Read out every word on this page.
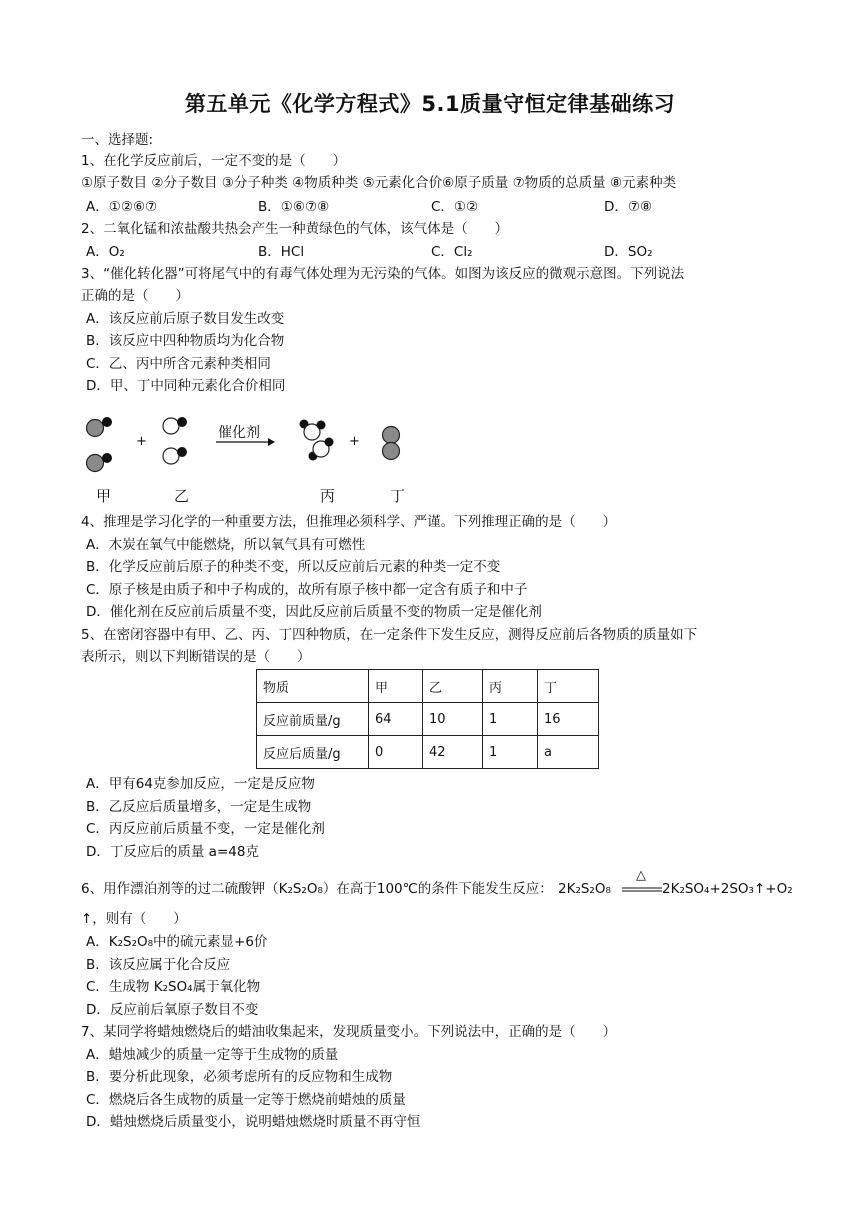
第五单元《化学方程式》5.1质量守恒定律基础练习
一、选择题:
1、在化学反应前后，一定不变的是（　　）
①原子数目 ②分子数目 ③分子种类 ④物质种类 ⑤元素化合价⑥原子质量 ⑦物质的总质量 ⑧元素种类
A．①②⑥⑦	B．①⑥⑦⑧	C．①②	D．⑦⑧
2、二氧化锰和浓盐酸共热会产生一种黄绿色的气体，该气体是（　　）
A．O₂	B．HCl	C．Cl₂	D．SO₂
3、“催化转化器”可将尾气中的有毒气体处理为无污染的气体。如图为该反应的微观示意图。下列说法
正确的是（　　）
A．该反应前后原子数目发生改变
B．该反应中四种物质均为化合物
C．乙、丙中所含元素种类相同
D．甲、丁中同种元素化合价相同
催化剂
+	+
甲	乙	丙	丁
4、推理是学习化学的一种重要方法，但推理必须科学、严谨。下列推理正确的是（　　）
A．木炭在氧气中能燃烧，所以氧气具有可燃性
B．化学反应前后原子的种类不变，所以反应前后元素的种类一定不变
C．原子核是由质子和中子构成的，故所有原子核中都一定含有质子和中子
D．催化剂在反应前后质量不变，因此反应前后质量不变的物质一定是催化剂
5、在密闭容器中有甲、乙、丙、丁四种物质，在一定条件下发生反应，测得反应前后各物质的质量如下
表所示，则以下判断错误的是（　　）
物质	甲	乙	丙	丁
反应前质量/g	64	10	1	16
反应后质量/g	0	42	1	a
A．甲有64克参加反应，一定是反应物
B．乙反应后质量增多，一定是生成物
C．丙反应前后质量不变，一定是催化剂
D．丁反应后的质量 a=48克
6、用作漂泊剂等的过二硫酸钾（K₂S₂O₈）在高于100℃的条件下能发生反应： 2K₂S₂O₈
△
2K₂SO₄+2SO₃↑+O₂
↑，则有（　　）
A．K₂S₂O₈中的硫元素显+6价
B．该反应属于化合反应
C．生成物 K₂SO₄属于氧化物
D．反应前后氧原子数目不变
7、某同学将蜡烛燃烧后的蜡油收集起来，发现质量变小。下列说法中，正确的是（　　）
A．蜡烛减少的质量一定等于生成物的质量
B．要分析此现象，必须考虑所有的反应物和生成物
C．燃烧后各生成物的质量一定等于燃烧前蜡烛的质量
D．蜡烛燃烧后质量变小，说明蜡烛燃烧时质量不再守恒
